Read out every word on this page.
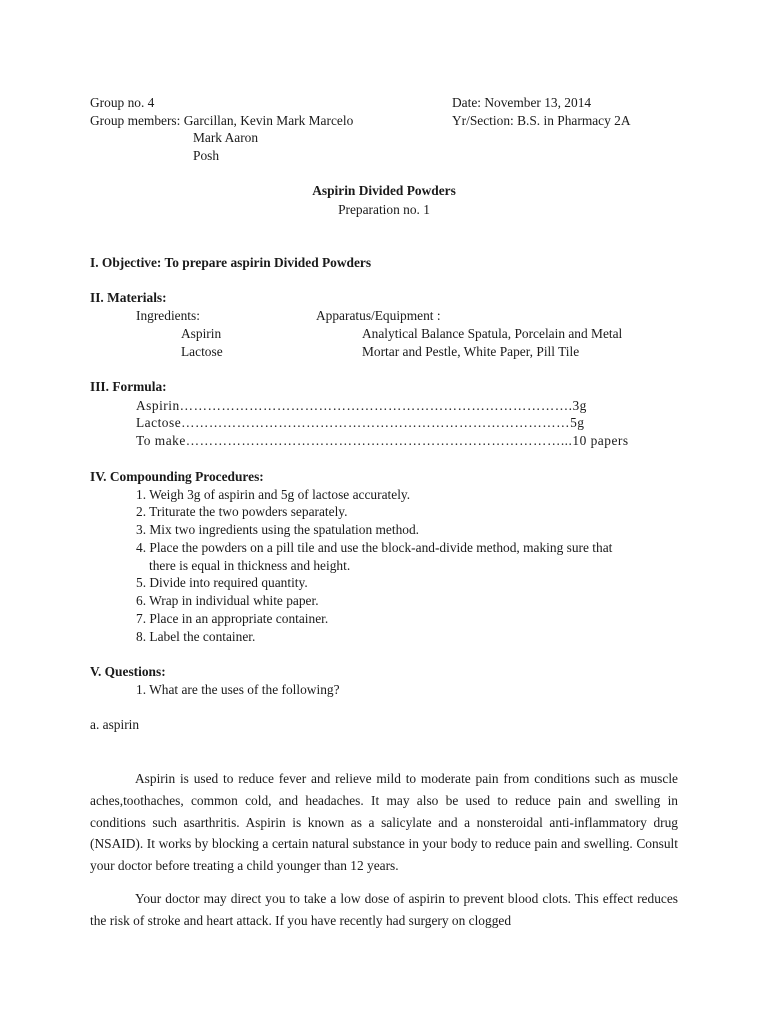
Group no. 4	Date: November 13, 2014
Group members: Garcillan, Kevin Mark Marcelo	Yr/Section: B.S. in Pharmacy 2A
Mark Aaron
Posh
Aspirin Divided Powders
Preparation no. 1
I. Objective: To prepare aspirin Divided Powders
II. Materials:
Ingredients:	Apparatus/Equipment :
Aspirin	Analytical Balance Spatula, Porcelain and Metal
Lactose	Mortar and Pestle, White Paper, Pill Tile
III. Formula:
Aspirin………………………………………………………………………….3g
Lactose…………………………………………………………………………5g
To make………………………………………………………………………...10 papers
IV. Compounding Procedures:
1. Weigh 3g of aspirin and 5g of lactose accurately.
2. Triturate the two powders separately.
3. Mix two ingredients using the spatulation method.
4. Place the powders on a pill tile and use the block-and-divide method, making sure that
there is equal in thickness and height.
5. Divide into required quantity.
6. Wrap in individual white paper.
7. Place in an appropriate container.
8. Label the container.
V. Questions:
1. What are the uses of the following?
a. aspirin

Aspirin is used to reduce fever and relieve mild to moderate pain from conditions such as muscle aches,toothaches, common cold, and headaches. It may also be used to reduce pain and swelling in conditions such asarthritis. Aspirin is known as a salicylate and a nonsteroidal anti-inflammatory drug (NSAID). It works by blocking a certain natural substance in your body to reduce pain and swelling. Consult your doctor before treating a child younger than 12 years.

Your doctor may direct you to take a low dose of aspirin to prevent blood clots. This effect reduces the risk of stroke and heart attack. If you have recently had surgery on clogged
